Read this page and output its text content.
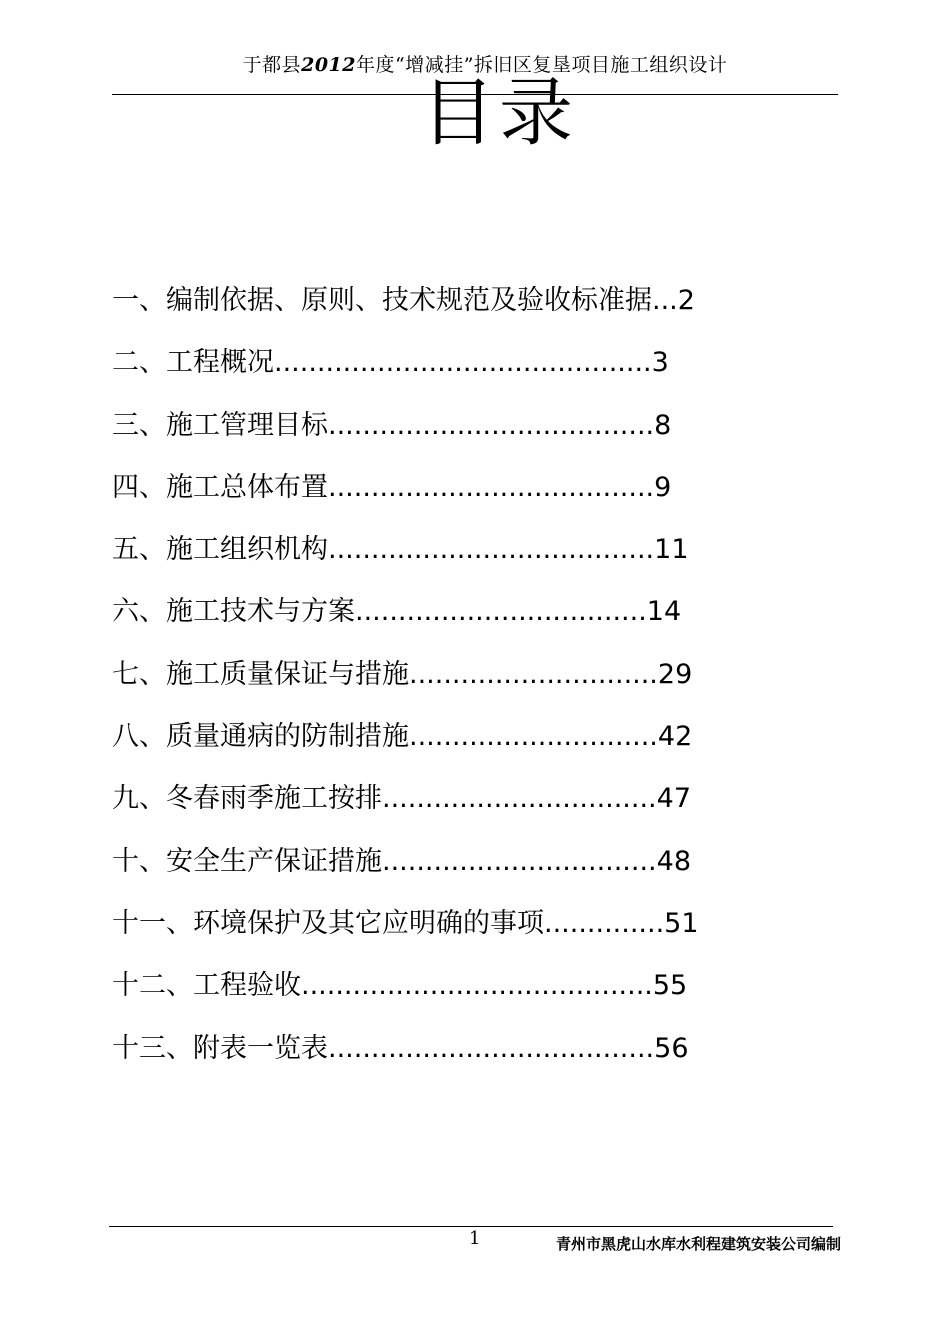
于都县2012年度“增减挂”拆旧区复垦项目施工组织设计
目录
一、编制依据、原则、技术规范及验收标准据...2
二、工程概况............................................3
三、施工管理目标......................................8
四、施工总体布置......................................9
五、施工组织机构......................................11
六、施工技术与方案..................................14
七、施工质量保证与措施.............................29
八、质量通病的防制措施.............................42
九、冬春雨季施工按排................................47
十、安全生产保证措施................................48
十一、环境保护及其它应明确的事项..............51
十二、工程验收.........................................55
十三、附表一览表......................................56
1	青州市黑虎山水库水利程建筑安装公司编制
